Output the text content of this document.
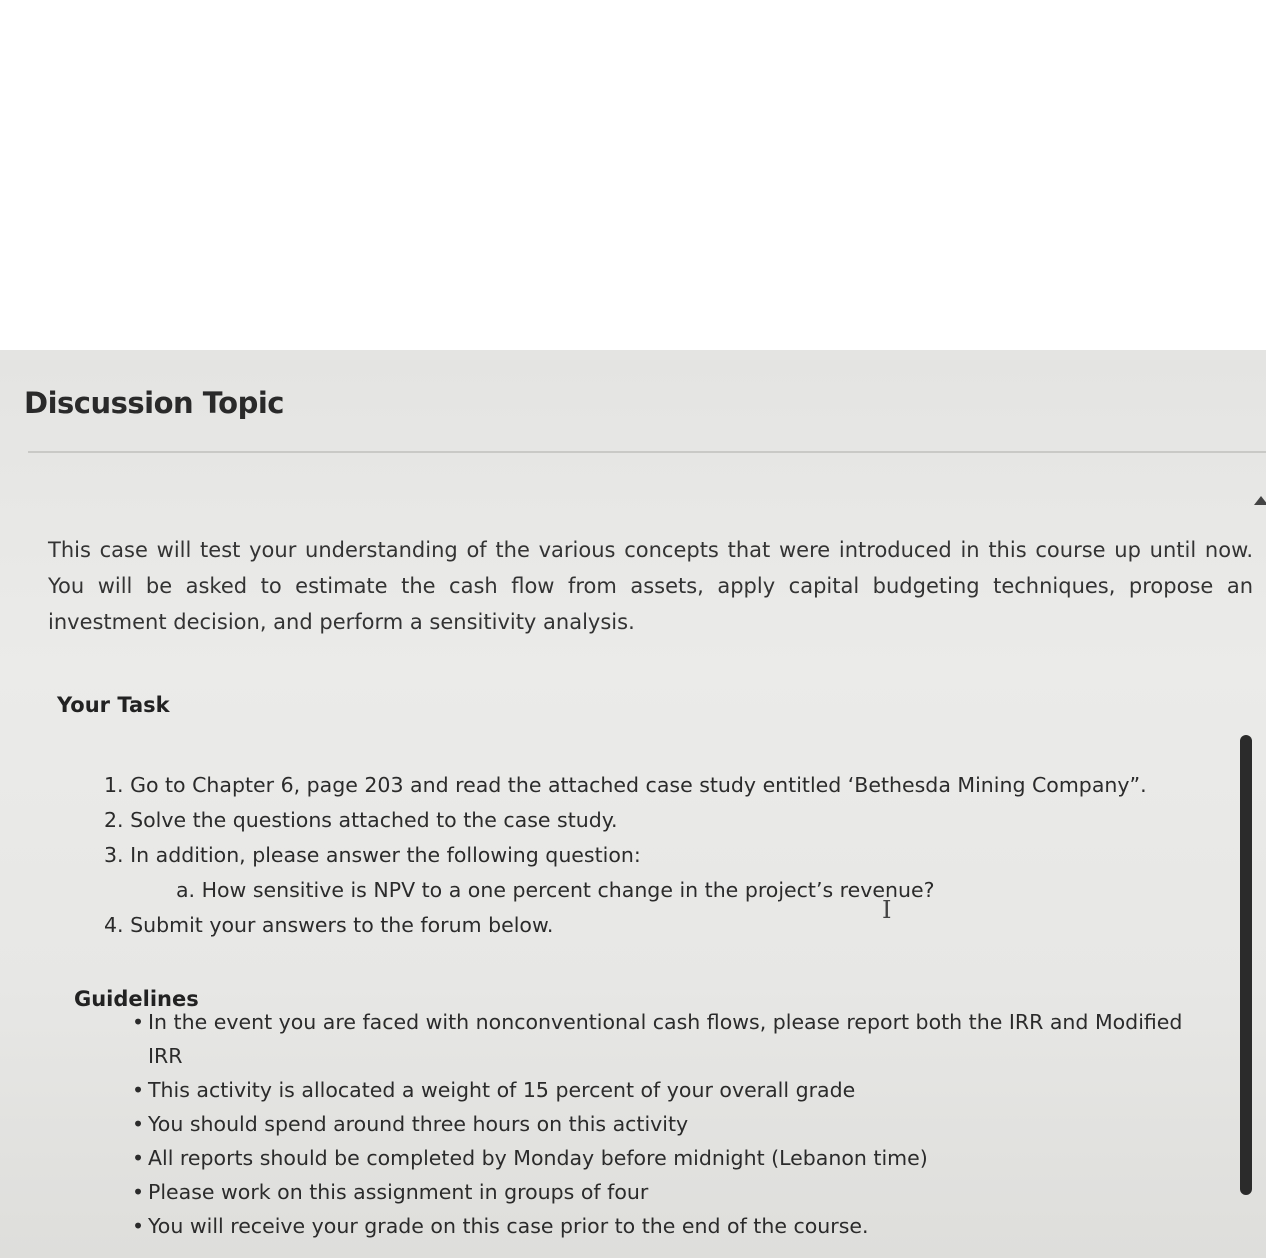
Discussion Topic

This case will test your understanding of the various concepts that were introduced in this course up until now. You will be asked to estimate the cash flow from assets, apply capital budgeting techniques, propose an investment decision, and perform a sensitivity analysis.

Your Task
1. Go to Chapter 6, page 203 and read the attached case study entitled ‘Bethesda Mining Company”.
2. Solve the questions attached to the case study.
3. In addition, please answer the following question:
a. How sensitive is NPV to a one percent change in the project’s revenue?
4. Submit your answers to the forum below.
Guidelines
• In the event you are faced with nonconventional cash flows, please report both the IRR and Modified
IRR
• This activity is allocated a weight of 15 percent of your overall grade
• You should spend around three hours on this activity
• All reports should be completed by Monday before midnight (Lebanon time)
• Please work on this assignment in groups of four
• You will receive your grade on this case prior to the end of the course.
I
